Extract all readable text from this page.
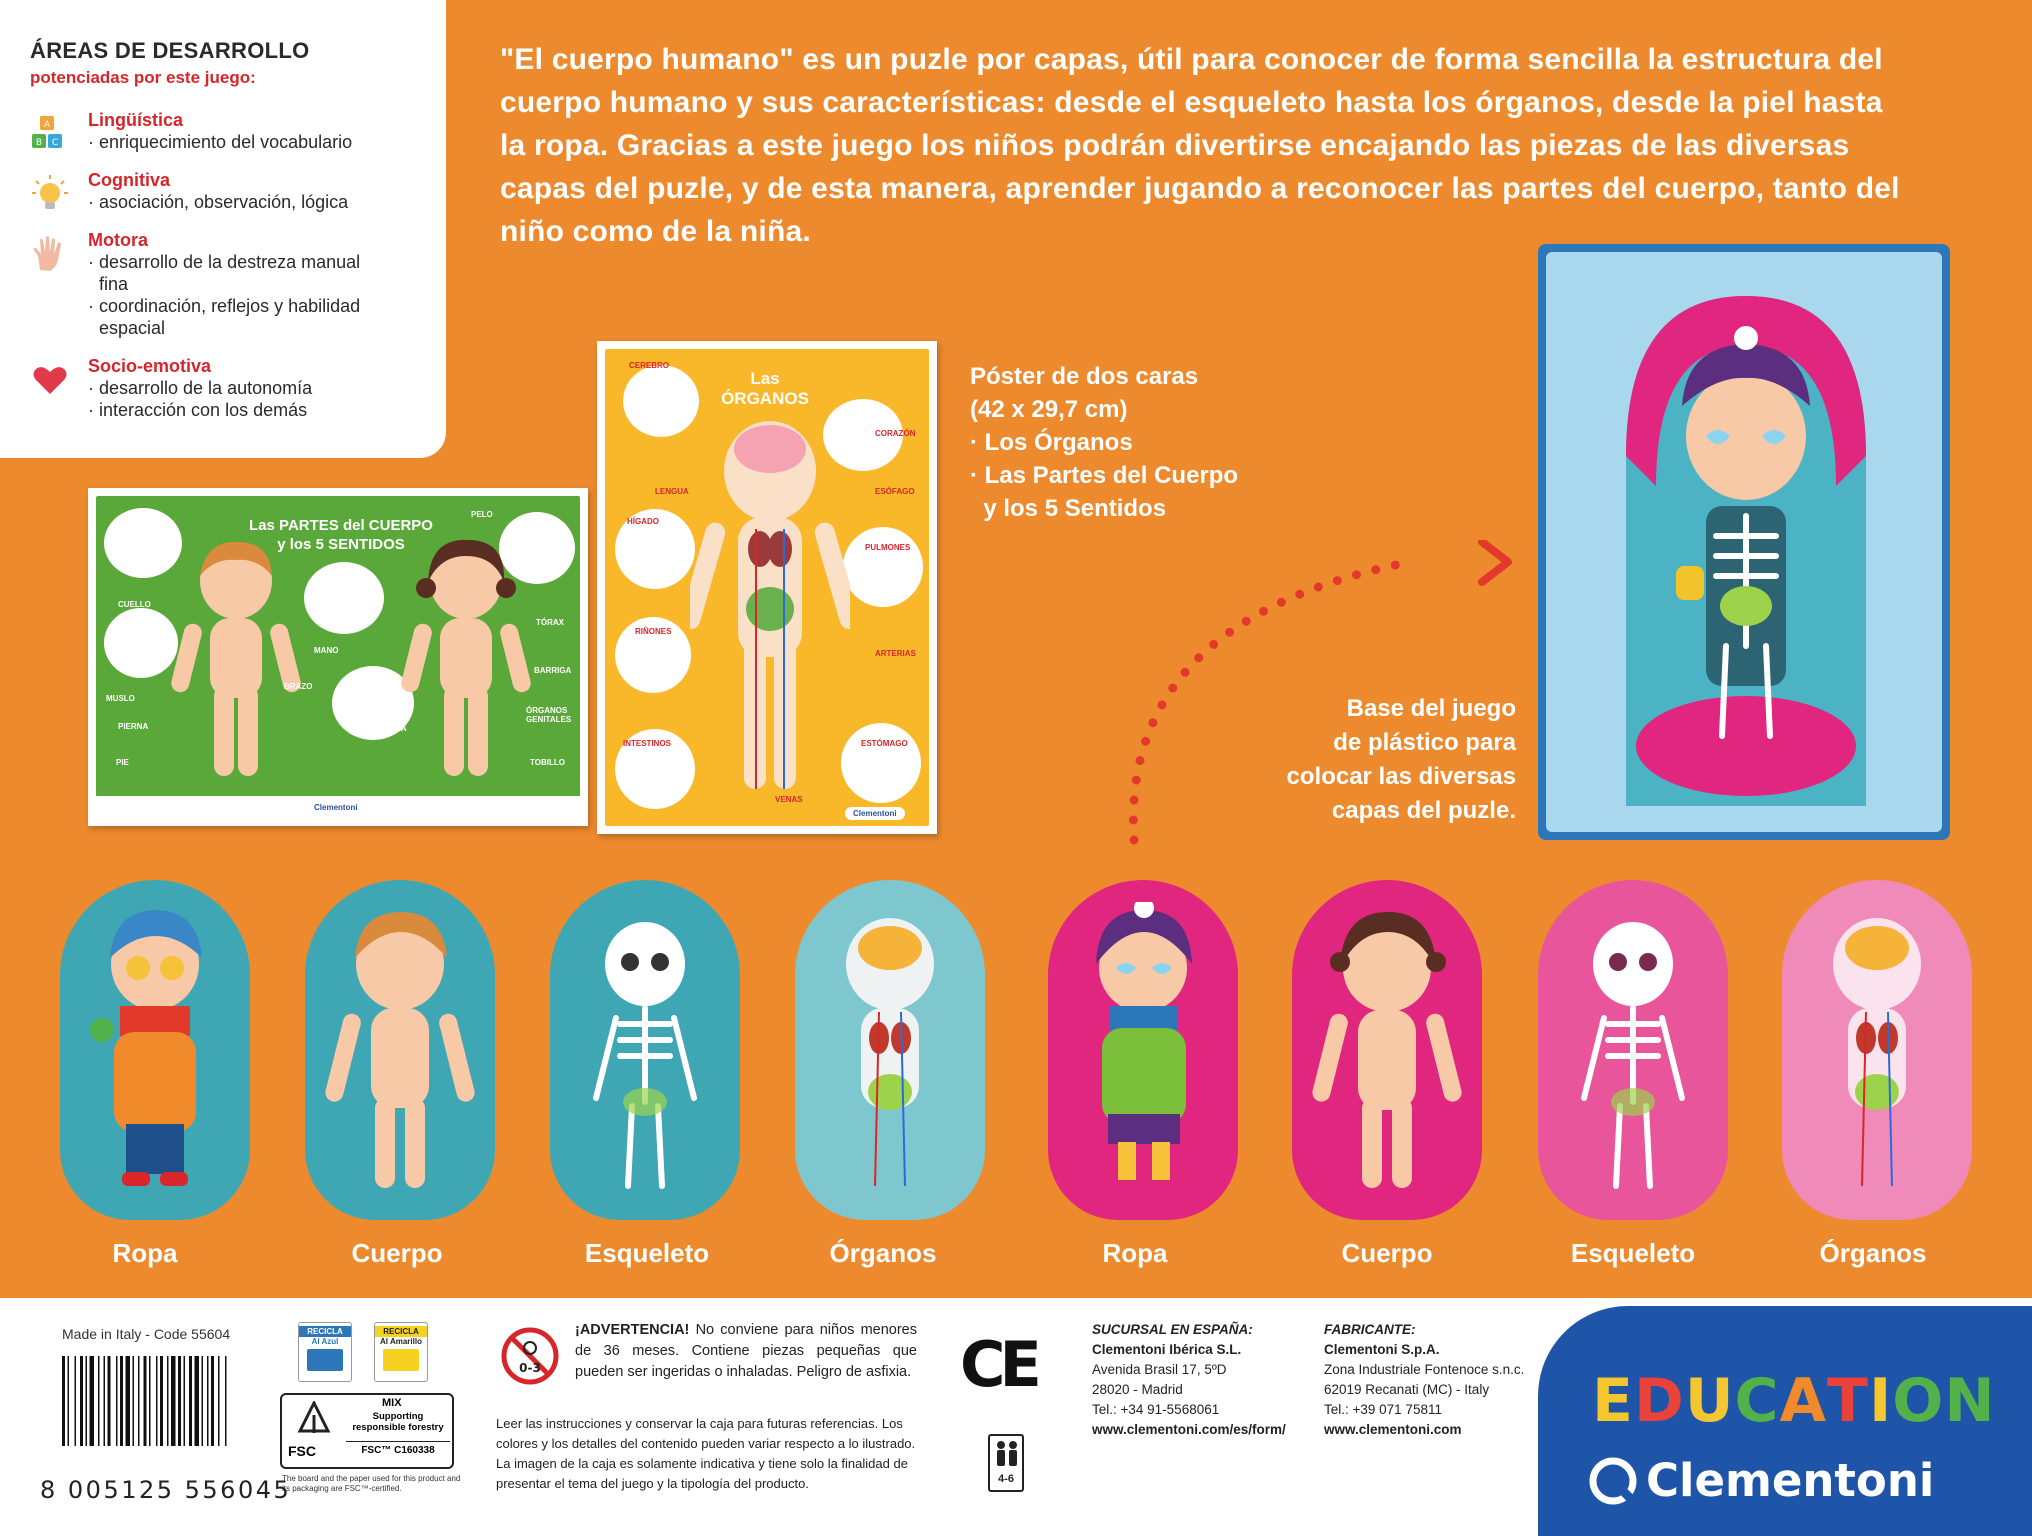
ÁREAS DE DESARROLLO
potenciadas por este juego:
A
B C
Lingüística
· enriquecimiento del vocabulario
Cognitiva
· asociación, observación, lógica
Motora
· desarrollo de la destreza manual
fina
· coordinación, reflejos y habilidad
espacial
Socio-emotiva
· desarrollo de la autonomía
· interacción con los demás
"El cuerpo humano" es un puzle por capas, útil para conocer de forma sencilla la estructura del cuerpo humano y sus características: desde el esqueleto hasta los órganos, desde la piel hasta la ropa. Gracias a este juego los niños podrán divertirse encajando las piezas de las diversas capas del puzle, y de esta manera, aprender jugando a reconocer las partes del cuerpo, tanto del niño como de la niña.
Las PARTES del CUERPO
y los 5 SENTIDOS
PELO
CUELLO
TÓRAX
MANO
BARRIGA
BRAZO
MUSLO
ÓRGANOS GENITALES
PIERNA	RODILLA
PIE	TOBILLO
Clementoni
Las ÓRGANOS
CEREBRO
CORAZÓN
LENGUA	ESÓFAGO
HÍGADO
PULMONES
RIÑONES
ARTERIAS
INTESTINOS	ESTÓMAGO
VENAS
Clementoni
Póster de dos caras
(42 x 29,7 cm)
· Los Órganos
· Las Partes del Cuerpo
y los 5 Sentidos
Base del juego
de plástico para
colocar las diversas
capas del puzle.
Ropa	Cuerpo	Esqueleto	Órganos	Ropa	Cuerpo	Esqueleto	Órganos
Made in Italy - Code 55604
8 005125 556045
RECICLA
Al Azul
RECICLA
Al Amarillo
MIX
Supporting responsible forestry
FSC	FSC™ C160338
The board and the paper used for this product and its packaging are FSC™-certified.
0-3
¡ADVERTENCIA! No conviene para niños menores de 36 meses. Contiene piezas pequeñas que pueden ser ingeridas o inhaladas. Peligro de asfixia.
Leer las instrucciones y conservar la caja para futuras referencias. Los colores y los detalles del contenido pueden variar respecto a lo ilustrado. La imagen de la caja es solamente indicativa y tiene solo la finalidad de presentar el tema del juego y la tipología del producto.
CE
4-6
SUCURSAL EN ESPAÑA:
Clementoni Ibérica S.L.
Avenida Brasil 17, 5ºD
28020 - Madrid
Tel.: +34 91-5568061
www.clementoni.com/es/form/
FABRICANTE:
Clementoni S.p.A.
Zona Industriale Fontenoce s.n.c.
62019 Recanati (MC) - Italy
Tel.: +39 071 75811
www.clementoni.com	EDUCATION
Clementoni
